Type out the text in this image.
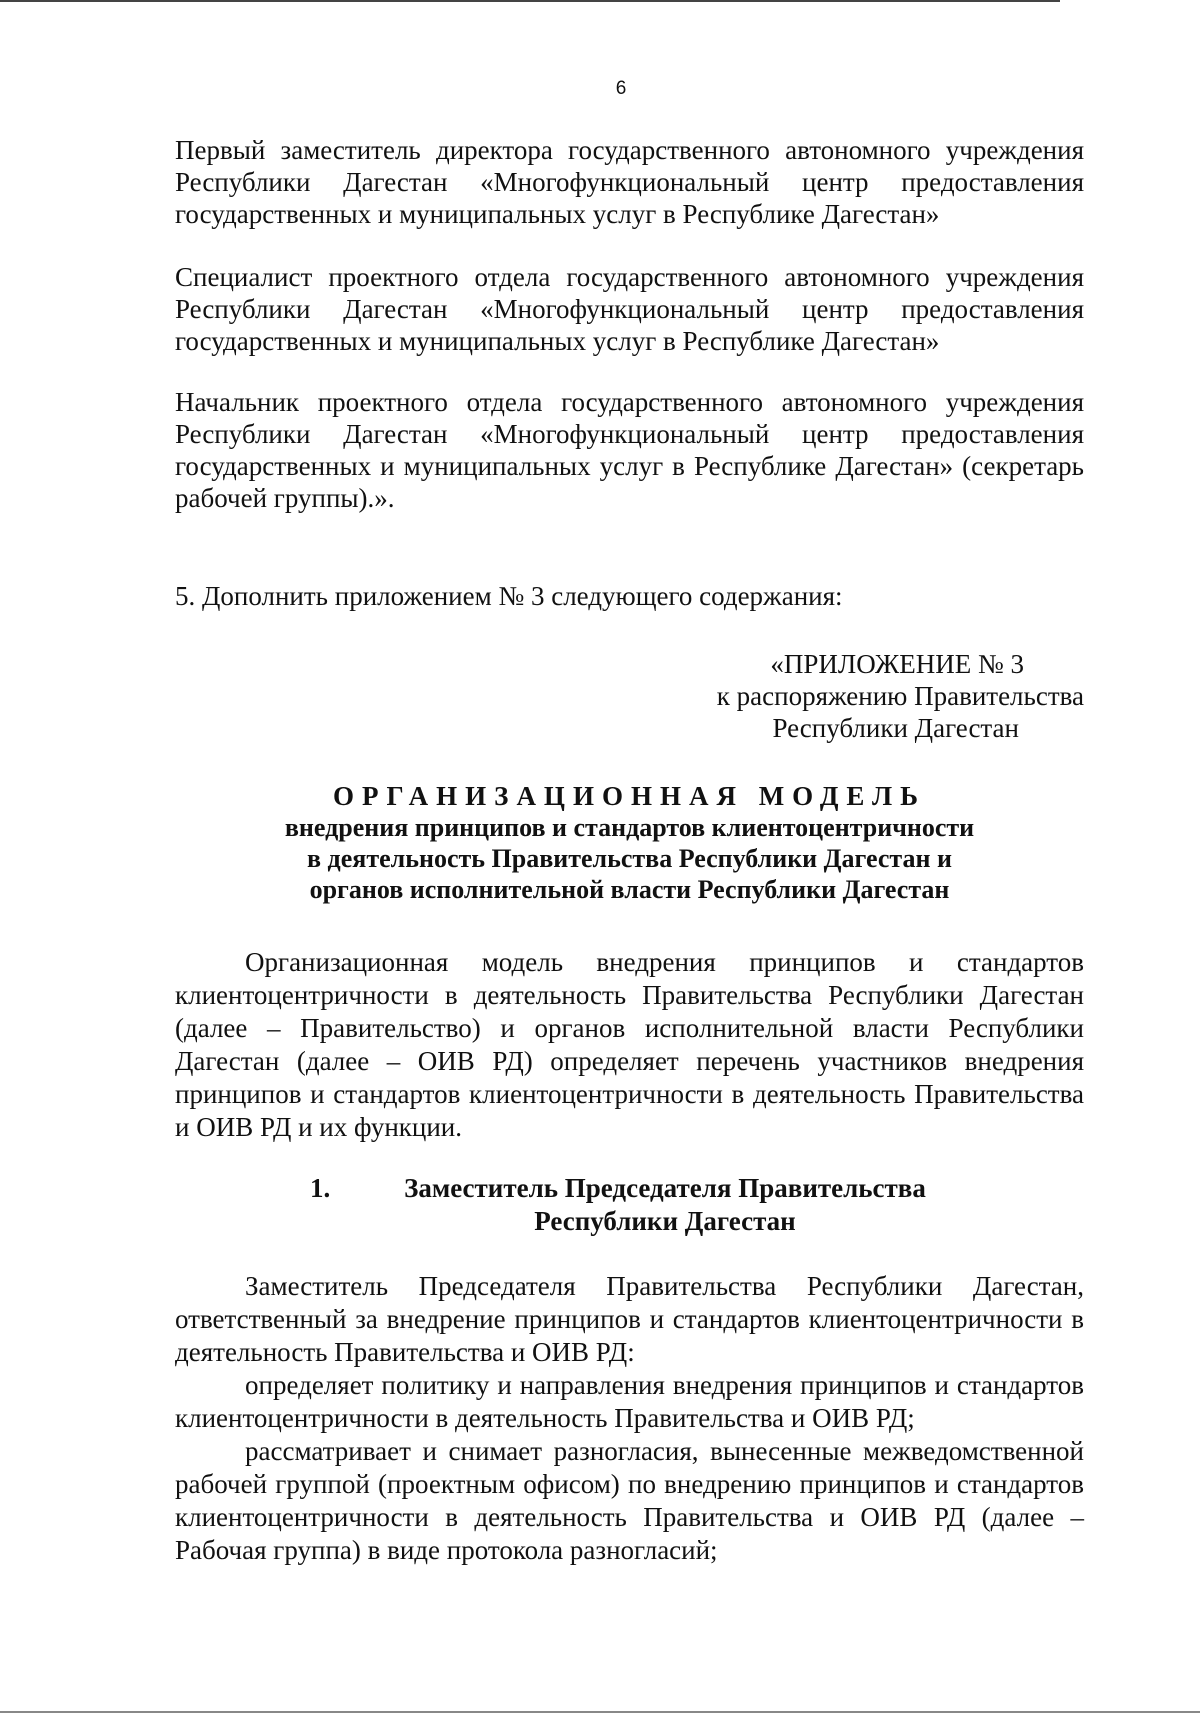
6
Первый заместитель директора государственного автономного учреждения Республики Дагестан «Многофункциональный центр предоставления государственных и муниципальных услуг в Республике Дагестан»
Специалист проектного отдела государственного автономного учреждения Республики Дагестан «Многофункциональный центр предоставления государственных и муниципальных услуг в Республике Дагестан»
Начальник проектного отдела государственного автономного учреждения Республики Дагестан «Многофункциональный центр предоставления государственных и муниципальных услуг в Республике Дагестан» (секретарь рабочей группы).».
5. Дополнить приложением № 3 следующего содержания:
«ПРИЛОЖЕНИЕ № 3
к распоряжению Правительства
Республики Дагестан
ОРГАНИЗАЦИОННАЯ МОДЕЛЬ
внедрения принципов и стандартов клиентоцентричности
в деятельность Правительства Республики Дагестан и
органов исполнительной власти Республики Дагестан
Организационная модель внедрения принципов и стандартов клиентоцентричности в деятельность Правительства Республики Дагестан (далее – Правительство) и органов исполнительной власти Республики Дагестан (далее – ОИВ РД) определяет перечень участников внедрения принципов и стандартов клиентоцентричности в деятельность Правительства и ОИВ РД и их функции.
1.	Заместитель Председателя Правительства
Республики Дагестан

Заместитель Председателя Правительства Республики Дагестан, ответственный за внедрение принципов и стандартов клиентоцентричности в деятельность Правительства и ОИВ РД:

определяет политику и направления внедрения принципов и стандартов клиентоцентричности в деятельность Правительства и ОИВ РД;

рассматривает и снимает разногласия, вынесенные межведомственной рабочей группой (проектным офисом) по внедрению принципов и стандартов клиентоцентричности в деятельность Правительства и ОИВ РД (далее – Рабочая группа) в виде протокола разногласий;
